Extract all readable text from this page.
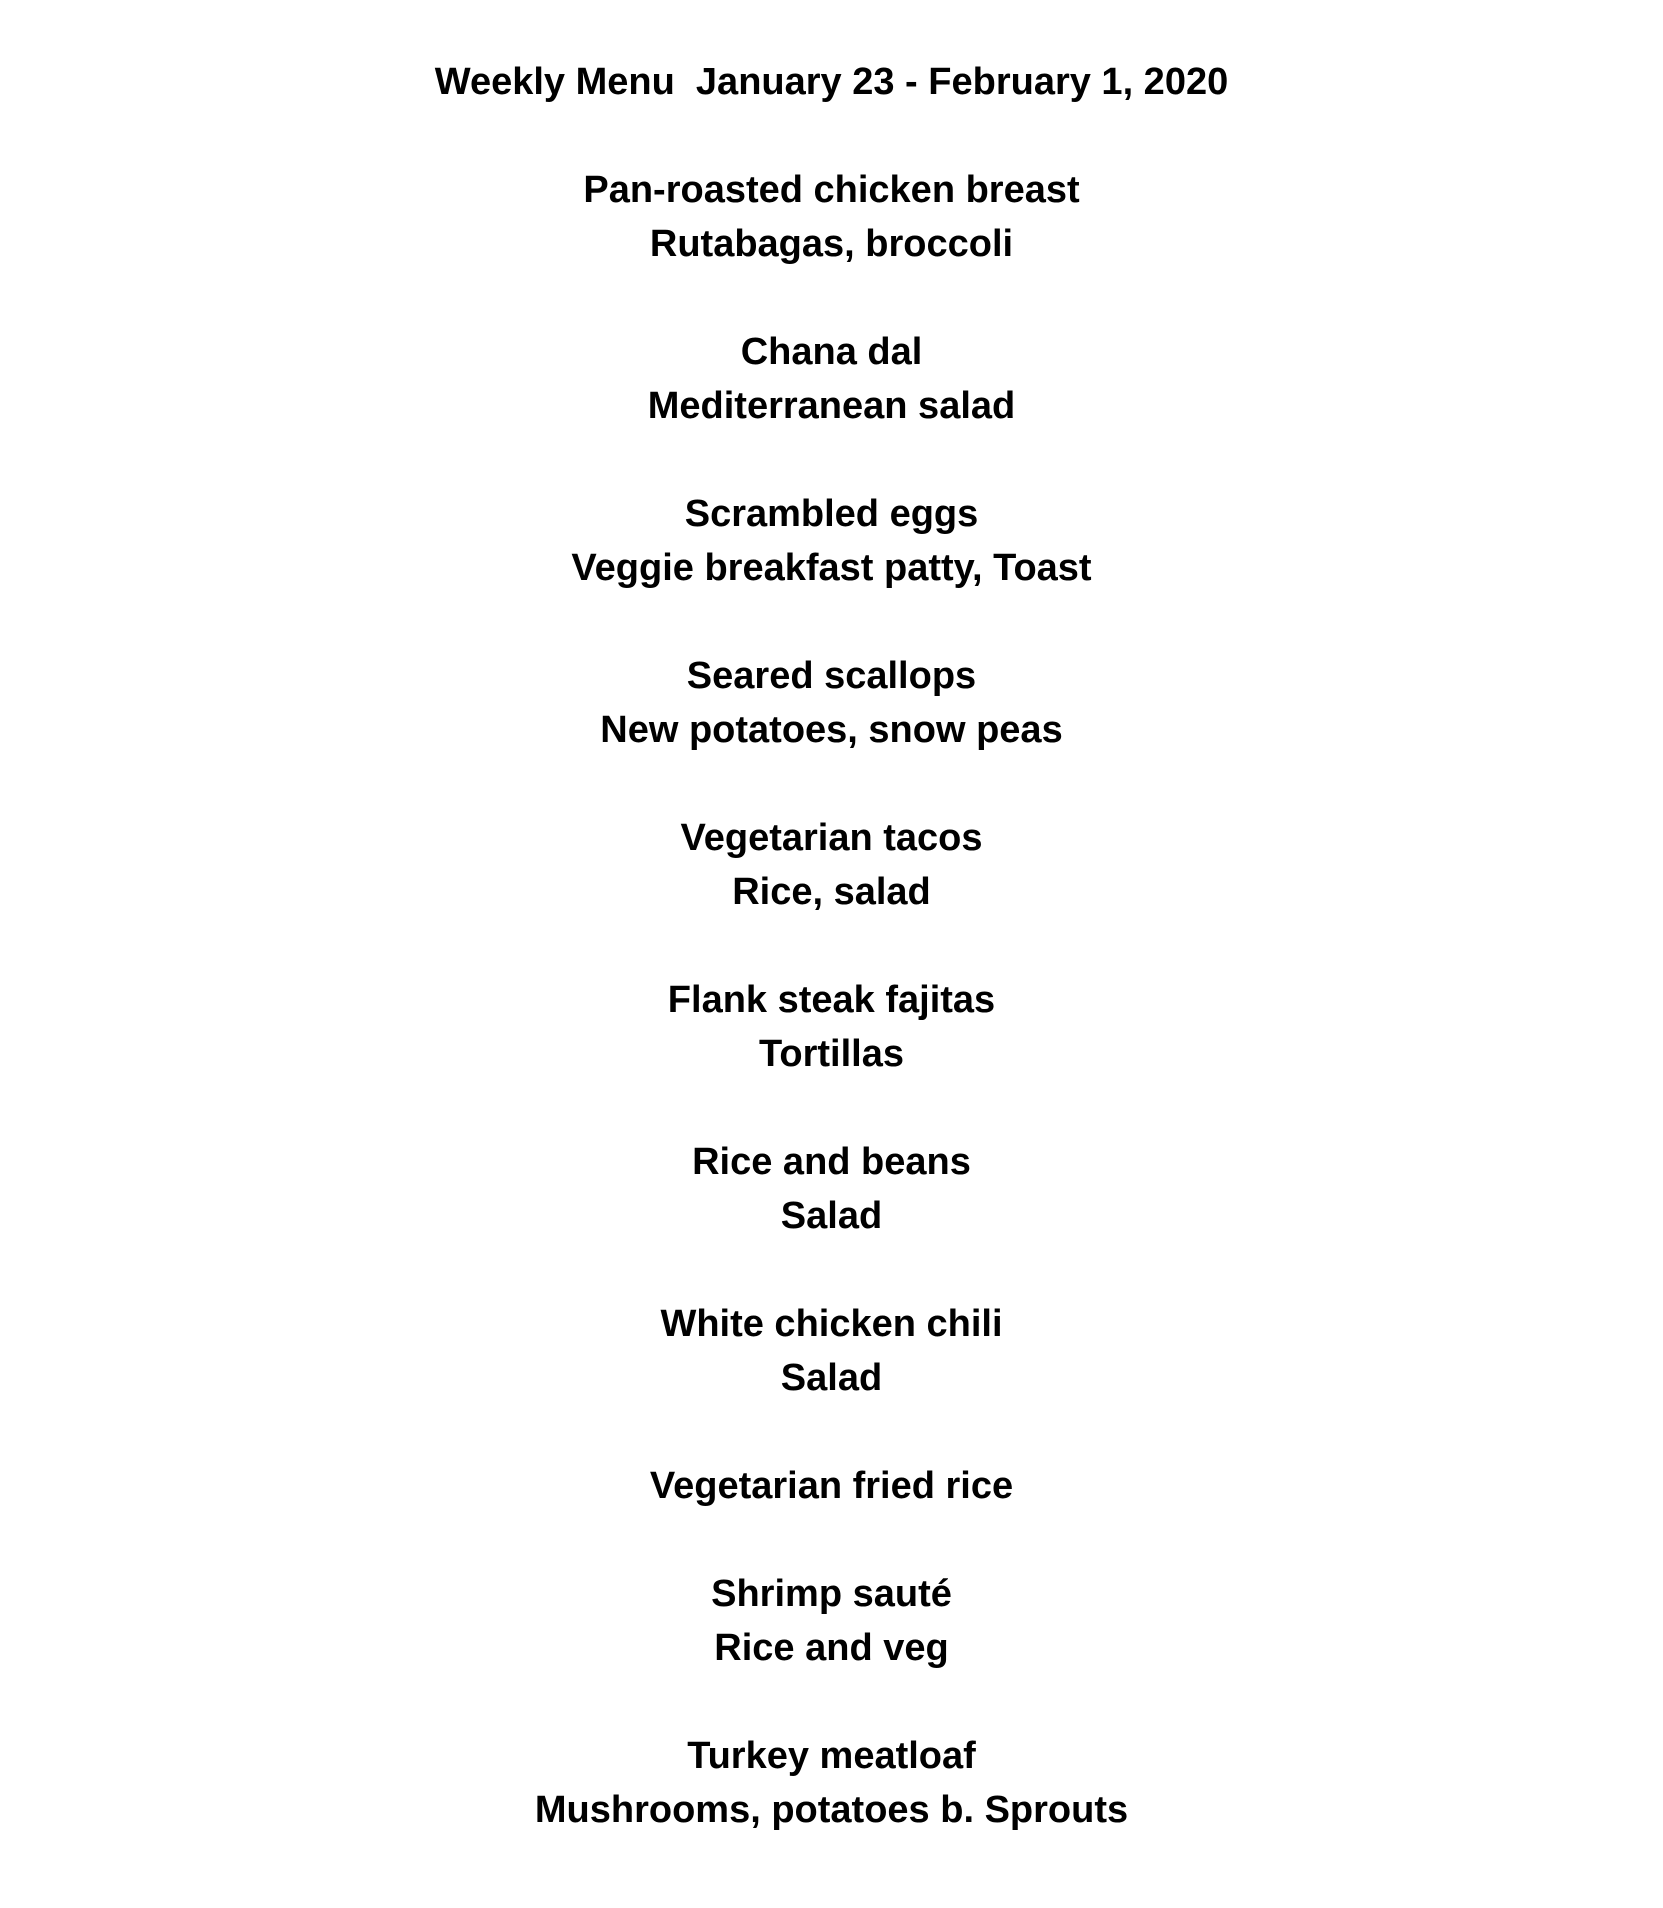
Weekly Menu  January 23 - February 1, 2020
Pan-roasted chicken breast
Rutabagas, broccoli
Chana dal
Mediterranean salad
Scrambled eggs
Veggie breakfast patty, Toast
Seared scallops
New potatoes, snow peas
Vegetarian tacos
Rice, salad
Flank steak fajitas
Tortillas
Rice and beans
Salad
White chicken chili
Salad
Vegetarian fried rice
Shrimp sauté
Rice and veg
Turkey meatloaf
Mushrooms, potatoes b. Sprouts
